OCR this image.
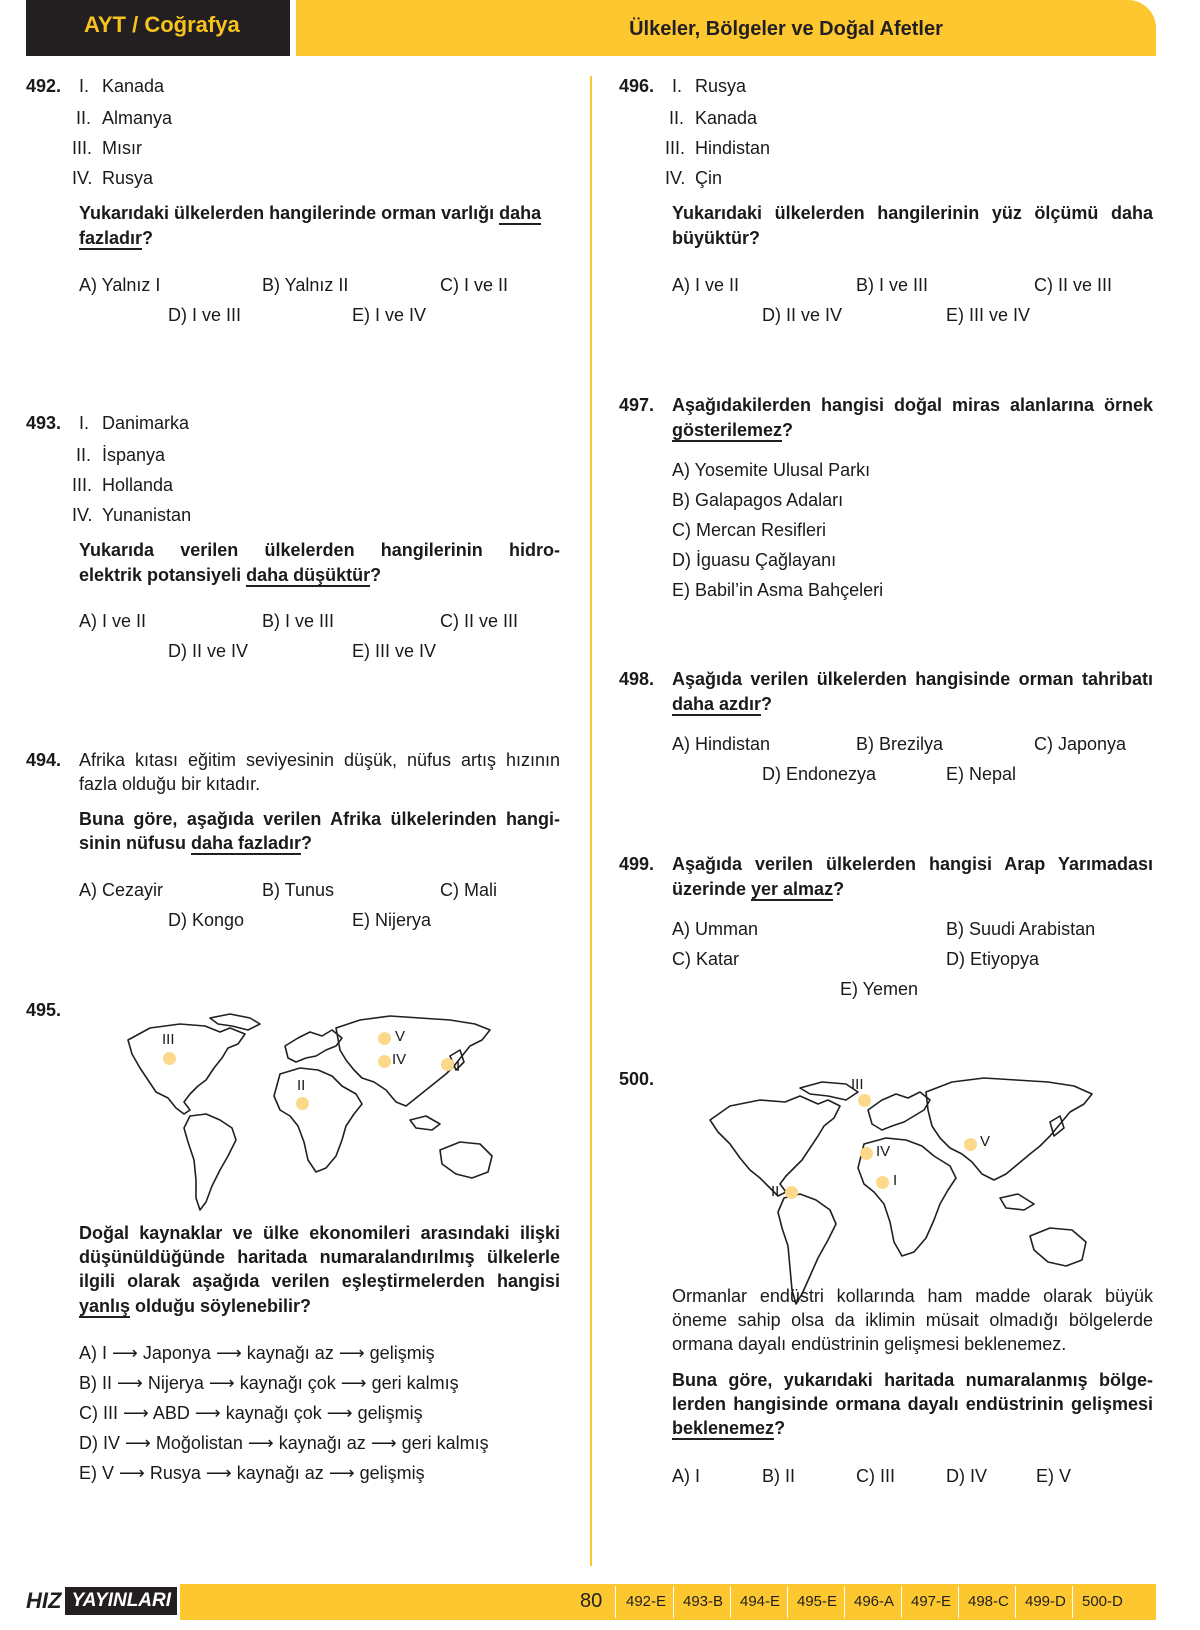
AYT / Coğrafya	Ülkeler, Bölgeler ve Doğal Afetler
492. I. Kanada
II. Almanya
III. Mısır
IV. Rusya
Yukarıdaki ülkelerden hangilerinde orman varlığı daha
fazladır?
A) Yalnız I	B) Yalnız II	C) I ve II
D) I ve III	E) I ve IV
493. I. Danimarka
II. İspanya
III. Hollanda
IV. Yunanistan
Yukarıda verilen ülkelerden hangilerinin hidro-
elektrik potansiyeli daha düşüktür?
A) I ve II	B) I ve III	C) II ve III
D) II ve IV	E) III ve IV
494. Afrika kıtası eğitim seviyesinin düşük, nüfus artış hızının
fazla olduğu bir kıtadır.
Buna göre, aşağıda verilen Afrika ülkelerinden hangi-
sinin nüfusu daha fazladır?
A) Cezayir	B) Tunus	C) Mali
D) Kongo	E) Nijerya
495.
III
II
V
IV	I
Doğal kaynaklar ve ülke ekonomileri arasındaki ilişki
düşünüldüğünde haritada numaralandırılmış ülkelerle
ilgili olarak aşağıda verilen eşleştirmelerden hangisi
yanlış olduğu söylenebilir?
A) I ⟶ Japonya ⟶ kaynağı az ⟶ gelişmiş
B) II ⟶ Nijerya ⟶ kaynağı çok ⟶ geri kalmış
C) III ⟶ ABD ⟶ kaynağı çok ⟶ gelişmiş
D) IV ⟶ Moğolistan ⟶ kaynağı az ⟶ geri kalmış
E) V ⟶ Rusya ⟶ kaynağı az ⟶ gelişmiş
496. I. Rusya
II. Kanada
III. Hindistan
IV. Çin
Yukarıdaki ülkelerden hangilerinin yüz ölçümü daha
büyüktür?
A) I ve II	B) I ve III	C) II ve III
D) II ve IV	E) III ve IV
497. Aşağıdakilerden hangisi doğal miras alanlarına örnek
gösterilemez?
A) Yosemite Ulusal Parkı
B) Galapagos Adaları
C) Mercan Resifleri
D) İguasu Çağlayanı
E) Babil’in Asma Bahçeleri
498. Aşağıda verilen ülkelerden hangisinde orman tahribatı
daha azdır?
A) Hindistan	B) Brezilya	C) Japonya
D) Endonezya	E) Nepal
499. Aşağıda verilen ülkelerden hangisi Arap Yarımadası
üzerinde yer almaz?
A) Umman	B) Suudi Arabistan
C) Katar	D) Etiyopya
E) Yemen
500.	III
V
IV
I
II
Ormanlar endüstri kollarında ham madde olarak büyük
öneme sahip olsa da iklimin müsait olmadığı bölgelerde
ormana dayalı endüstrinin gelişmesi beklenemez.
Buna göre, yukarıdaki haritada numaralanmış bölge-
lerden hangisinde ormana dayalı endüstrinin gelişmesi
beklenemez?
A) I	B) II	C) III	D) IV	E) V
HIZ YAYINLARI	80 492-E 493-B 494-E 495-E 496-A 497-E 498-C 499-D 500-D
